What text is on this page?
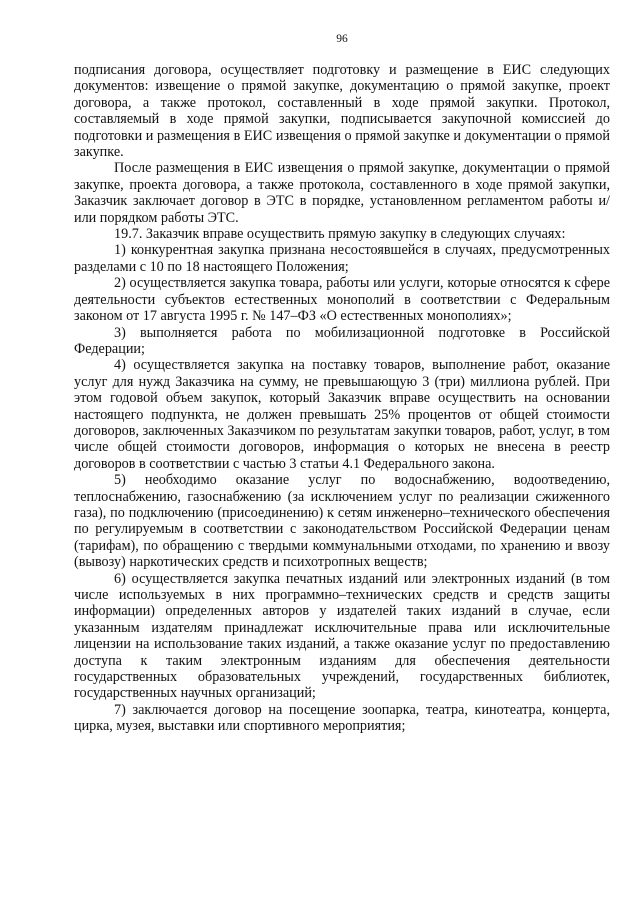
96

подписания договора, осуществляет подготовку и размещение в ЕИС следующих документов: извещение о прямой закупке, документацию о прямой закупке, проект договора, а также протокол, составленный в ходе прямой закупки. Протокол, составляемый в ходе прямой закупки, подписывается закупочной комиссией до подготовки и размещения в ЕИС извещения о прямой закупке и документации о прямой закупке.

После размещения в ЕИС извещения о прямой закупке, документации о прямой закупке, проекта договора, а также протокола, составленного в ходе прямой закупки, Заказчик заключает договор в ЭТС в порядке, установленном регламентом работы и/или порядком работы ЭТС.

19.7. Заказчик вправе осуществить прямую закупку в следующих случаях:

1) конкурентная закупка признана несостоявшейся в случаях, предусмотренных разделами с 10 по 18 настоящего Положения;

2) осуществляется закупка товара, работы или услуги, которые относятся к сфере деятельности субъектов естественных монополий в соответствии с Федеральным законом от 17 августа 1995 г. № 147–ФЗ «О естественных монополиях»;

3) выполняется работа по мобилизационной подготовке в Российской Федерации;

4) осуществляется закупка на поставку товаров, выполнение работ, оказание услуг для нужд Заказчика на сумму, не превышающую 3 (три) миллиона рублей. При этом годовой объем закупок, который Заказчик вправе осуществить на основании настоящего подпункта, не должен превышать 25% процентов от общей стоимости договоров, заключенных Заказчиком по результатам закупки товаров, работ, услуг, в том числе общей стоимости договоров, информация о которых не внесена в реестр договоров в соответствии с частью 3 статьи 4.1 Федерального закона.

5) необходимо оказание услуг по водоснабжению, водоотведению, теплоснабжению, газоснабжению (за исключением услуг по реализации сжиженного газа), по подключению (присоединению) к сетям инженерно–технического обеспечения по регулируемым в соответствии с законодательством Российской Федерации ценам (тарифам), по обращению с твердыми коммунальными отходами, по хранению и ввозу (вывозу) наркотических средств и психотропных веществ;

6) осуществляется закупка печатных изданий или электронных изданий (в том числе используемых в них программно–технических средств и средств защиты информации) определенных авторов у издателей таких изданий в случае, если указанным издателям принадлежат исключительные права или исключительные лицензии на использование таких изданий, а также оказание услуг по предоставлению доступа к таким электронным изданиям для обеспечения деятельности государственных образовательных учреждений, государственных библиотек, государственных научных организаций;

7) заключается договор на посещение зоопарка, театра, кинотеатра, концерта, цирка, музея, выставки или спортивного мероприятия;
